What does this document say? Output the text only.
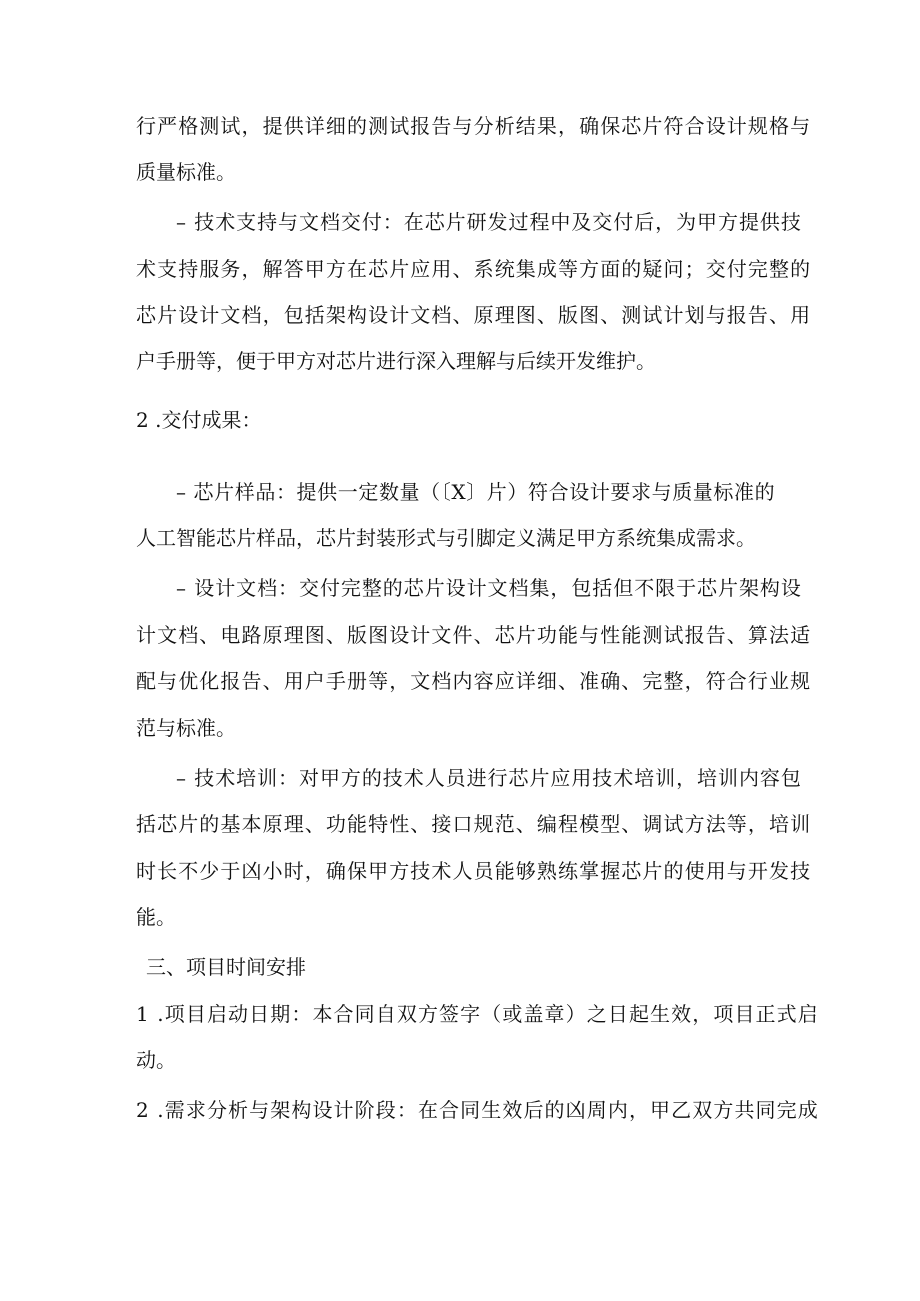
行严格测试，提供详细的测试报告与分析结果，确保芯片符合设计规格与
质量标准。
– 技术支持与文档交付：在芯片研发过程中及交付后，为甲方提供技
术支持服务，解答甲方在芯片应用、系统集成等方面的疑问；交付完整的
芯片设计文档，包括架构设计文档、原理图、版图、测试计划与报告、用
户手册等，便于甲方对芯片进行深入理解与后续开发维护。
2 .交付成果：
– 芯片样品：提供一定数量（〔X〕片）符合设计要求与质量标准的
人工智能芯片样品，芯片封装形式与引脚定义满足甲方系统集成需求。
– 设计文档：交付完整的芯片设计文档集，包括但不限于芯片架构设
计文档、电路原理图、版图设计文件、芯片功能与性能测试报告、算法适
配与优化报告、用户手册等，文档内容应详细、准确、完整，符合行业规
范与标准。
– 技术培训：对甲方的技术人员进行芯片应用技术培训，培训内容包
括芯片的基本原理、功能特性、接口规范、编程模型、调试方法等，培训
时长不少于凶小时，确保甲方技术人员能够熟练掌握芯片的使用与开发技
能。
三、项目时间安排
1 .项目启动日期：本合同自双方签字（或盖章）之日起生效，项目正式启
动。
2 .需求分析与架构设计阶段：在合同生效后的凶周内，甲乙双方共同完成
